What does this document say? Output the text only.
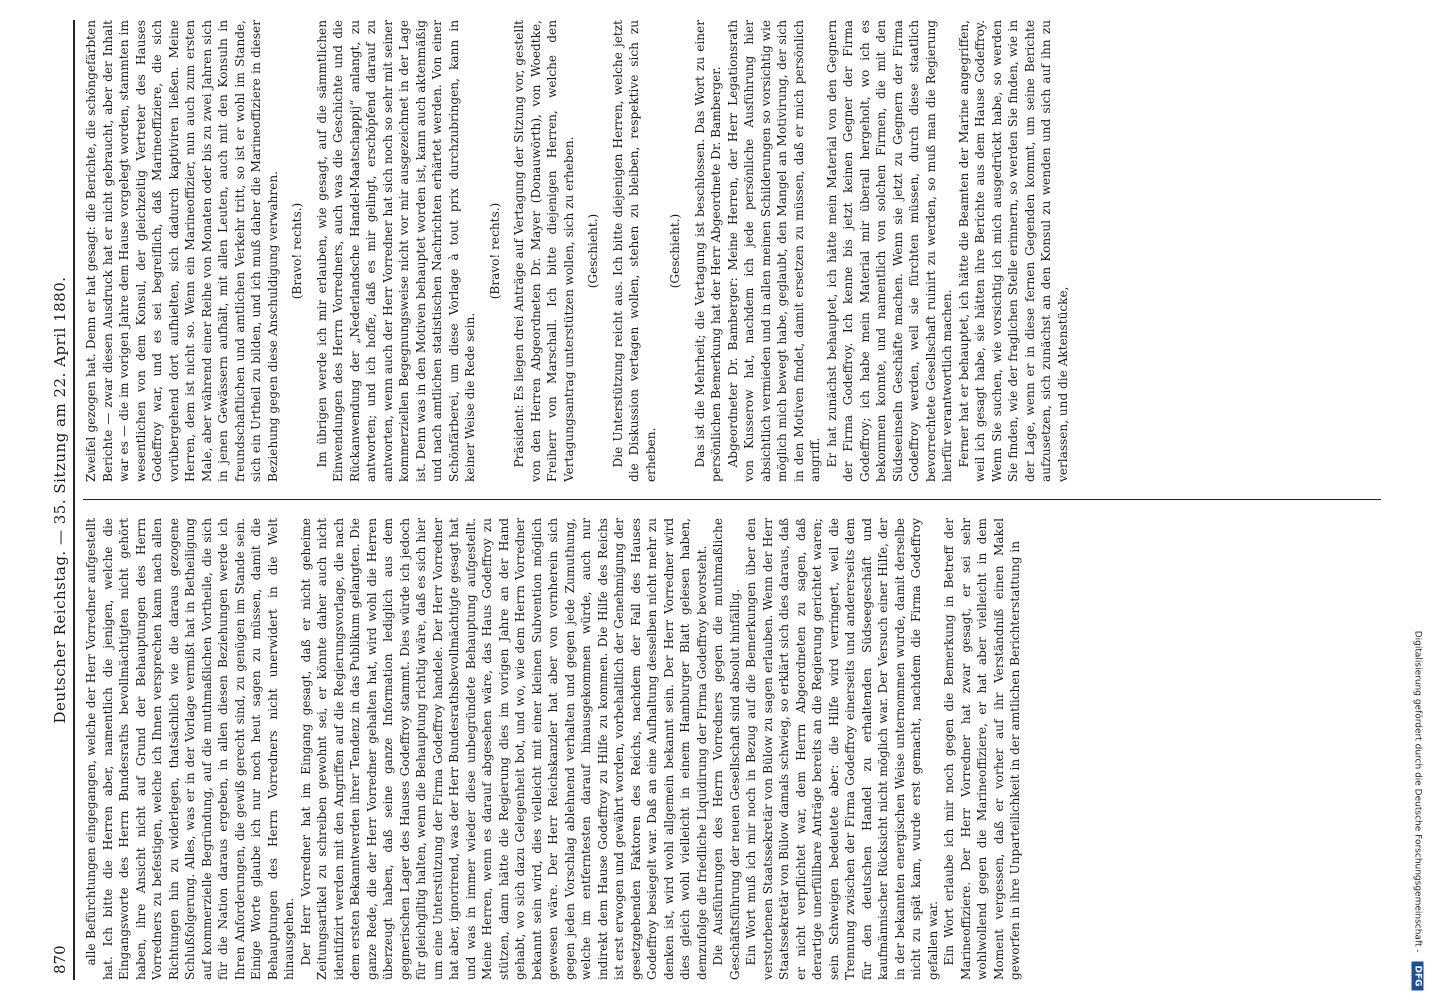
870
Deutscher Reichstag. — 35. Sitzung am 22. April 1880.

alle Befürchtungen eingegangen, welche der Herr Vorredner aufgestellt hat. Ich bitte die Herren aber, namentlich die jenigen, welche die Eingangsworte des Herrn Bundesraths bevollmächtigten nicht gehört haben, ihre Ansicht nicht auf Grund der Behauptungen des Herrn Vorredners zu befestigen, welche ich Ihnen versprechen kann nach allen Richtungen hin zu widerlegen, thatsächlich wie die daraus gezogene Schlußfolgerung. Alles, was er in der Vorlage vermißt hat in Betheiligung auf kommerzielle Begründung, auf die muthmaßlichen Vortheile, die sich für die Nation daraus ergeben, in allen diesen Beziehungen werde ich Ihren Anforderungen, die gewiß gerecht sind, zu genügen im Stande sein. Einige Worte glaube ich nur noch heut sagen zu müssen, damit die Behauptungen des Herrn Vorredners nicht unerwidert in die Welt hinausgehen. Der Herr Vorredner hat im Eingang gesagt, daß er nicht geheime Zeitungsartikel zu schreiben gewohnt sei, er könnte daher auch nicht identifizirt werden mit den Angriffen auf die Regierungsvorlage, die nach dem ersten Bekanntwerden ihrer Tendenz in das Publikum gelangten. Die ganze Rede, die der Herr Vorredner gehalten hat, wird wohl die Herren überzeugt haben, daß seine ganze Information lediglich aus dem gegnerischen Lager des Hauses Godeffroy stammt. Dies würde ich jedoch für gleichgiltig halten, wenn die Behauptung richtig wäre, daß es sich hier um eine Unterstützung der Firma Godeffroy handele. Der Herr Vorredner hat aber, ignorirend, was der Herr Bundesrathsbevollmächtigte gesagt hat und was in immer wieder diese unbegründete Behauptung aufgestellt. Meine Herren, wenn es darauf abgesehen wäre, das Haus Godeffroy zu stützen, dann hätte die Regierung dies im vorigen Jahre an der Hand gehabt, wo sich dazu Gelegenheit bot, und wo, wie dem Herrn Vorredner bekannt sein wird, dies vielleicht mit einer kleinen Subvention möglich gewesen wäre. Der Herr Reichskanzler hat aber von vornherein sich gegen jeden Vorschlag ablehnend verhalten und gegen jede Zumuthung, welche im entferntesten darauf hinausgekommen würde, auch nur indirekt dem Hause Godeffroy zu Hilfe zu kommen. Die Hilfe des Reichs ist erst erwogen und gewährt worden, vorbehaltlich der Genehmigung der gesetzgebenden Faktoren des Reichs, nachdem der Fall des Hauses Godeffroy besiegelt war. Daß an eine Aufhaltung desselben nicht mehr zu denken ist, wird wohl allgemein bekannt sein. Der Herr Vorredner wird dies gleich wohl vielleicht in einem Hamburger Blatt gelesen haben, demzufolge die friedliche Liquidirung der Firma Godeffroy bevorsteht. Die Ausführungen des Herrn Vorredners gegen die muthmaßliche Geschäftsführung der neuen Gesellschaft sind absolut hinfällig. Ein Wort muß ich mir noch in Bezug auf die Bemerkungen über den verstorbenen Staatssekretär von Bülow zu sagen erlauben. Wenn der Herr Staatssekretär von Bülow damals schwieg, so erklärt sich dies daraus, daß er nicht verpflichtet war, dem Herrn Abgeordneten zu sagen, daß derartige unerfüllbare Anträge bereits an die Regierung gerichtet waren; sein Schweigen bedeutete aber: die Hilfe wird verringert, weil die Trennung zwischen der Firma Godeffroy einerseits und andererseits dem für den deutschen Handel zu erhaltenden Südseegeschäft und kaufmännischer Rücksicht nicht möglich war. Der Versuch einer Hilfe, der in der bekannten energischen Weise unternommen wurde, damit derselbe nicht zu spät kam, wurde erst gemacht, nachdem die Firma Godeffroy gefallen war. Ein Wort erlaube ich mir noch gegen die Bemerkung in Betreff der Marineoffiziere. Der Herr Vorredner hat zwar gesagt, er sei sehr wohlwollend gegen die Marineoffiziere, er hat aber vielleicht in dem Moment vergessen, daß er vorher auf ihr Verständniß einen Makel geworfen in ihre Unparteilichkeit in der amtlichen Berichterstattung in

Zweifel gezogen hat. Denn er hat gesagt: die Berichte, die schöngefärbten Berichte — zwar diesen Ausdruck hat er nicht gebraucht, aber der Inhalt war es — die im vorigen Jahre dem Hause vorgelegt worden, stammten im wesentlichen von dem Konsul, der gleichzeitig Vertreter des Hauses Godeffroy war, und es sei begreiflich, daß Marineoffiziere, die sich vorübergehend dort aufhielten, sich dadurch kaptiviren ließen. Meine Herren, dem ist nicht so. Wenn ein Marineoffizier, nun auch zum ersten Male, aber während einer Reihe von Monaten oder bis zu zwei Jahren sich in jenen Gewässern aufhält, mit allen Leuten, auch mit den Konsuln in freundschaftlichen und amtlichen Verkehr tritt, so ist er wohl im Stande, sich ein Urtheil zu bilden, und ich muß daher die Marineoffiziere in dieser Beziehung gegen diese Anschuldigung verwahren. (Bravo! rechts.) Im übrigen werde ich mir erlauben, wie gesagt, auf die sämmtlichen Einwendungen des Herrn Vorredners, auch was die Geschichte und die Rückanwendung der „Nederlandsche Handel-Maatschappij“ anlangt, zu antworten; und ich hoffe, daß es mir gelingt, erschöpfend darauf zu antworten, wenn auch der Herr Vorredner hat sich noch so sehr mit seiner kommerziellen Begegnungsweise nicht vor mir ausgezeichnet in der Lage ist. Denn was in den Motiven behauptet worden ist, kann auch aktenmäßig und nach amtlichen statistischen Nachrichten erhärtet werden. Von einer Schönfärberei, um diese Vorlage à tout prix durchzubringen, kann in keiner Weise die Rede sein.

(Bravo! rechts.) Präsident: Es liegen drei Anträge auf Vertagung der Sitzung vor, gestellt von den Herren Abgeordneten Dr. Mayer (Donauwörth), von Woedtke, Freiherr von Marschall. Ich bitte diejenigen Herren, welche den Vertagungsantrag unterstützen wollen, sich zu erheben. (Geschieht.) Die Unterstützung reicht aus. Ich bitte diejenigen Herren, welche jetzt die Diskussion vertagen wollen, stehen zu bleiben, respektive sich zu erheben.

(Geschieht.) Das ist die Mehrheit; die Vertagung ist beschlossen. Das Wort zu einer persönlichen Bemerkung hat der Herr Abgeordnete Dr. Bamberger. Abgeordneter Dr. Bamberger: Meine Herren, der Herr Legationsrath von Kusserow hat, nachdem ich jede persönliche Ausführung hier absichtlich vermieden und in allen meinen Schilderungen so vorsichtig wie möglich mich bewegt habe, geglaubt, den Mangel an Motivirung, der sich in den Motiven findet, damit ersetzen zu müssen, daß er mich persönlich angriff. Er hat zunächst behauptet, ich hätte mein Material von den Gegnern der Firma Godeffroy. Ich kenne bis jetzt keinen Gegner der Firma Godeffroy; ich habe mein Material mir überall hergeholt, wo ich es bekommen konnte, und namentlich von solchen Firmen, die mit den Südseeinseln Geschäfte machen. Wenn sie jetzt zu Gegnern der Firma Godeffroy werden, weil sie fürchten müssen, durch diese staatlich bevorrechtete Gesellschaft ruinirt zu werden, so muß man die Regierung hierfür verantwortlich machen. Ferner hat er behauptet, ich hätte die Beamten der Marine angegriffen, weil ich gesagt habe, sie hätten ihre Berichte aus dem Hause Godeffroy. Wenn Sie suchen, wie vorsichtig ich mich ausgedrückt habe, so werden Sie finden, wie der fraglichen Stelle erinnern, so werden Sie finden, wie in der Lage, wenn er in diese fernen Gegenden kommt, um seine Berichte aufzusetzen, sich zunächst an den Konsul zu wenden und sich auf ihn zu verlassen, und die Aktenstücke,

Digitalisierung gefördert durch die Deutsche Forschungsgemeinschaft - DFG
